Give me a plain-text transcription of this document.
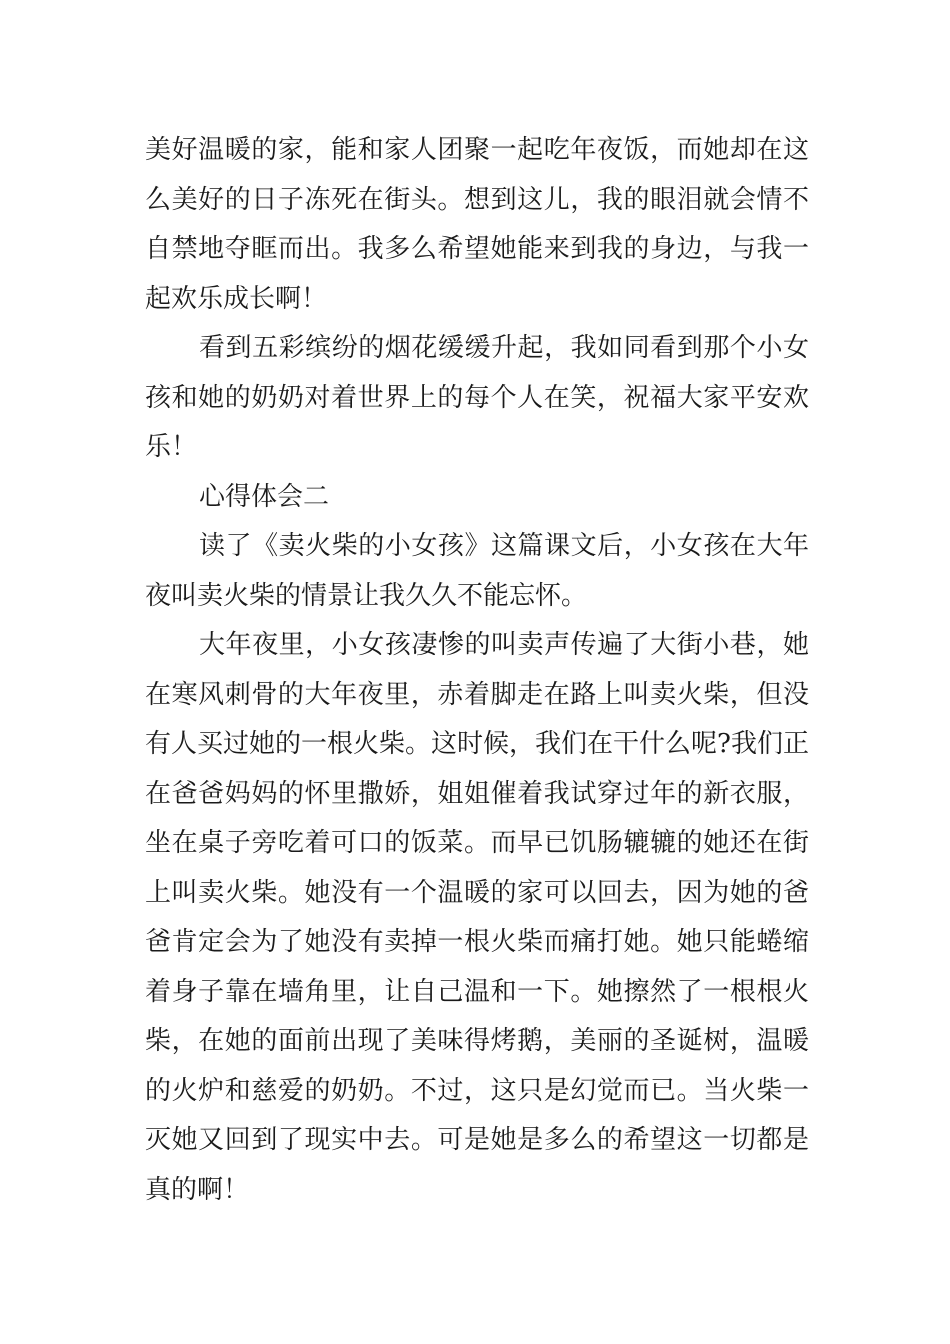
美好温暖的家，能和家人团聚一起吃年夜饭，而她却在这么美好的日子冻死在街头。想到这儿，我的眼泪就会情不自禁地夺眶而出。我多么希望她能来到我的身边，与我一起欢乐成长啊！

看到五彩缤纷的烟花缓缓升起，我如同看到那个小女孩和她的奶奶对着世界上的每个人在笑，祝福大家平安欢乐！

心得体会二

读了《卖火柴的小女孩》这篇课文后，小女孩在大年夜叫卖火柴的情景让我久久不能忘怀。

大年夜里，小女孩凄惨的叫卖声传遍了大街小巷，她在寒风刺骨的大年夜里，赤着脚走在路上叫卖火柴，但没有人买过她的一根火柴。这时候，我们在干什么呢?我们正在爸爸妈妈的怀里撒娇，姐姐催着我试穿过年的新衣服，坐在桌子旁吃着可口的饭菜。而早已饥肠辘辘的她还在街上叫卖火柴。她没有一个温暖的家可以回去，因为她的爸爸肯定会为了她没有卖掉一根火柴而痛打她。她只能蜷缩着身子靠在墙角里，让自己温和一下。她擦然了一根根火柴，在她的面前出现了美味得烤鹅，美丽的圣诞树，温暖的火炉和慈爱的奶奶。不过，这只是幻觉而已。当火柴一灭她又回到了现实中去。可是她是多么的希望这一切都是真的啊！
